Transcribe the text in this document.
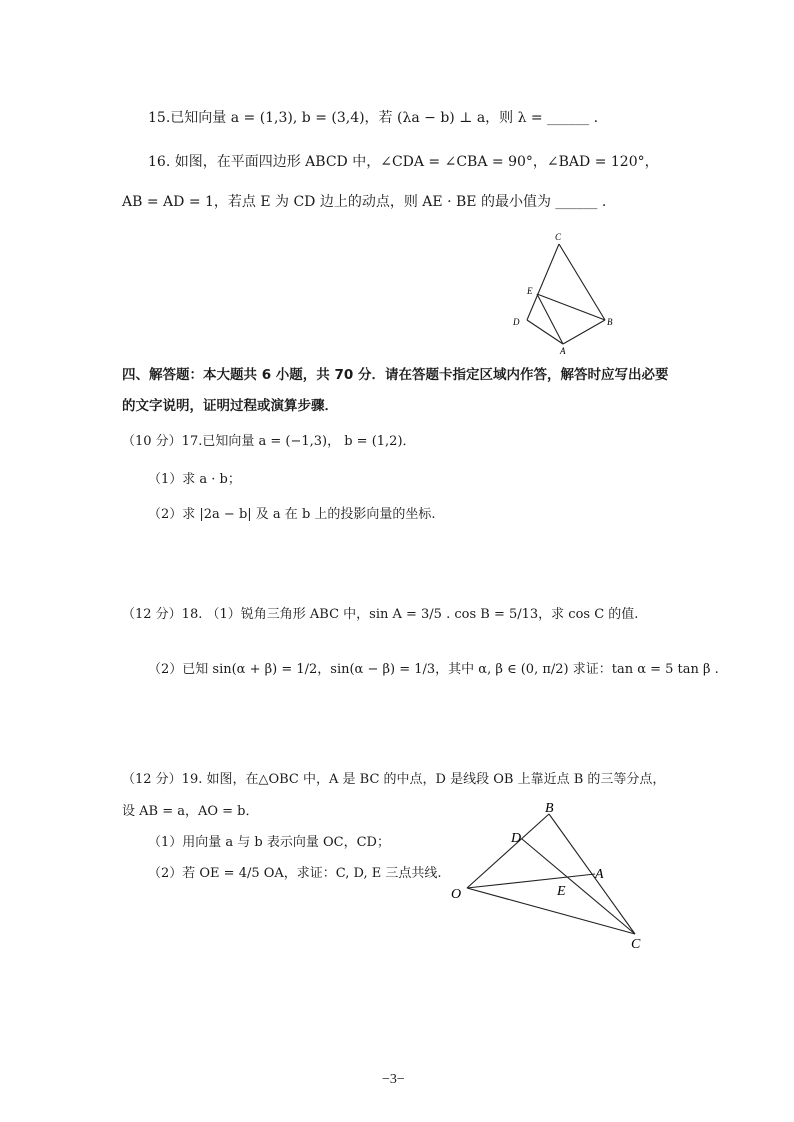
15.已知向量 a = (1,3), b = (3,4)，若 (λa − b) ⊥ a，则 λ = ______ .
16. 如图，在平面四边形 ABCD 中，∠CDA = ∠CBA = 90°，∠BAD = 120°，
AB = AD = 1，若点 E 为 CD 边上的动点，则 AE · BE 的最小值为 ______ .
C
E
D	B
A
四、解答题：本大题共 6 小题，共 70 分．请在答题卡指定区域内作答，解答时应写出必要
的文字说明，证明过程或演算步骤．
（10 分）17.已知向量 a = (−1,3)， b = (1,2)．
（1）求 a · b；
（2）求 |2a − b| 及 a 在 b 上的投影向量的坐标.
（12 分）18. （1）锐角三角形 ABC 中，sin A = 3/5 . cos B = 5/13，求 cos C 的值.
（2）已知 sin(α + β) = 1/2，sin(α − β) = 1/3，其中 α, β ∈ (0, π/2) 求证：tan α = 5 tan β .
（12 分）19. 如图，在△OBC 中，A 是 BC 的中点，D 是线段 OB 上靠近点 B 的三等分点，
设 AB = a，AO = b．
（1）用向量 a 与 b 表示向量 OC，CD；
（2）若 OE = 4/5 OA，求证：C, D, E 三点共线.
B
D
A
E
O
C
−3−
